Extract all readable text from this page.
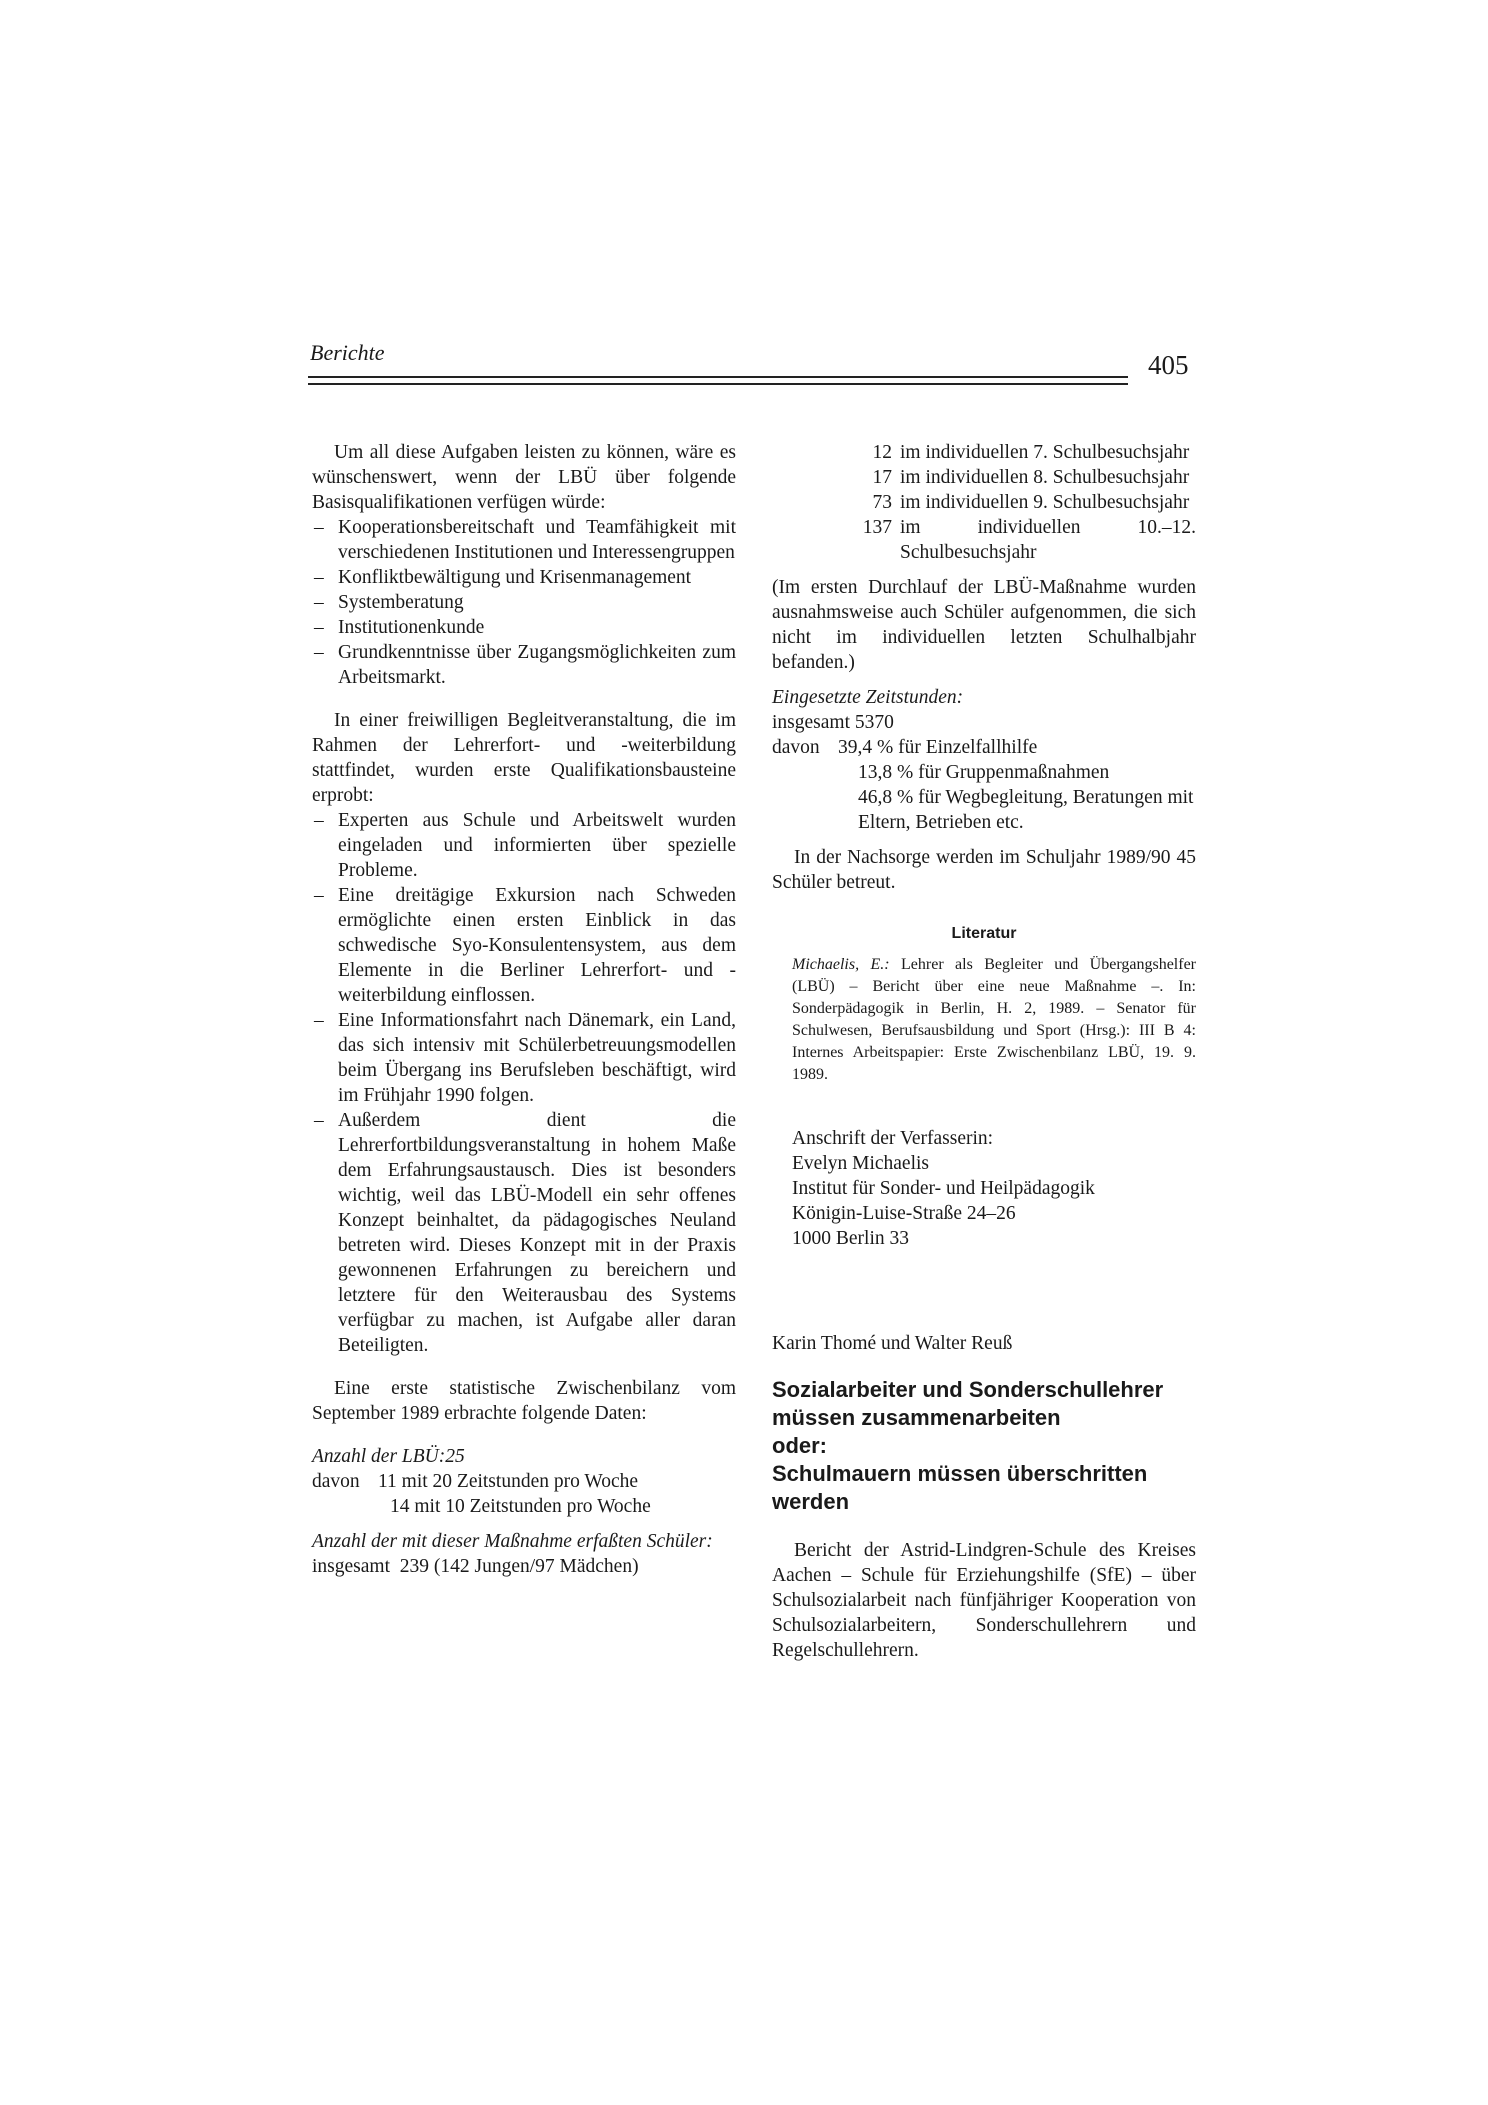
Berichte	405

Um all diese Aufgaben leisten zu können, wäre es wünschenswert, wenn der LBÜ über folgende Basisqualifikationen verfügen würde:

– Kooperationsbereitschaft und Teamfähigkeit mit verschiedenen Institutionen und Interessengruppen
– Konfliktbewältigung und Krisenmanagement
– Systemberatung
– Institutionenkunde
– Grundkenntnisse über Zugangsmöglichkeiten zum Arbeitsmarkt.

In einer freiwilligen Begleitveranstaltung, die im Rahmen der Lehrerfort- und -weiterbildung stattfindet, wurden erste Qualifikationsbausteine erprobt:

– Experten aus Schule und Arbeitswelt wurden eingeladen und informierten über spezielle Probleme.
– Eine dreitägige Exkursion nach Schweden ermöglichte einen ersten Einblick in das schwedische Syo-Konsulentensystem, aus dem Elemente in die Berliner Lehrerfort- und -weiterbildung einflossen.
– Eine Informationsfahrt nach Dänemark, ein Land, das sich intensiv mit Schülerbetreuungsmodellen beim Übergang ins Berufsleben beschäftigt, wird im Frühjahr 1990 folgen.
– Außerdem dient die Lehrerfortbildungsveranstaltung in hohem Maße dem Erfahrungsaustausch. Dies ist besonders wichtig, weil das LBÜ-Modell ein sehr offenes Konzept beinhaltet, da pädagogisches Neuland betreten wird. Dieses Konzept mit in der Praxis gewonnenen Erfahrungen zu bereichern und letztere für den Weiterausbau des Systems verfügbar zu machen, ist Aufgabe aller daran Beteiligten.

Eine erste statistische Zwischenbilanz vom September 1989 erbrachte folgende Daten:

Anzahl der LBÜ:25

davon 11 mit 20 Zeitstunden pro Woche
14 mit 10 Zeitstunden pro Woche

Anzahl der mit dieser Maßnahme erfaßten Schüler:

insgesamt  239 (142 Jungen/97 Mädchen)

12 im individuellen 7. Schulbesuchsjahr
17 im individuellen 8. Schulbesuchsjahr
73 im individuellen 9. Schulbesuchsjahr
137 im individuellen 10.–12. Schulbesuchsjahr

(Im ersten Durchlauf der LBÜ-Maßnahme wurden ausnahmsweise auch Schüler aufgenommen, die sich nicht im individuellen letzten Schulhalbjahr befanden.)

Eingesetzte Zeitstunden:

insgesamt 5370

davon 39,4 % für Einzelfallhilfe
13,8 % für Gruppenmaßnahmen
46,8 % für Wegbegleitung, Beratungen mit Eltern, Betrieben etc.

In der Nachsorge werden im Schuljahr 1989/90 45 Schüler betreut.

Literatur
Michaelis, E.: Lehrer als Begleiter und Übergangshelfer (LBÜ) – Bericht über eine neue Maßnahme –. In: Sonderpädagogik in Berlin, H. 2, 1989. – Senator für Schulwesen, Berufsausbildung und Sport (Hrsg.): III B 4: Internes Arbeitspapier: Erste Zwischenbilanz LBÜ, 19. 9. 1989.
Anschrift der Verfasserin:
Evelyn Michaelis
Institut für Sonder- und Heilpädagogik
Königin-Luise-Straße 24–26
1000 Berlin 33
Karin Thomé und Walter Reuß
Sozialarbeiter und Sonderschullehrer
müssen zusammenarbeiten
oder:
Schulmauern müssen überschritten
werden

Bericht der Astrid-Lindgren-Schule des Kreises Aachen – Schule für Erziehungshilfe (SfE) – über Schulsozialarbeit nach fünfjähriger Kooperation von Schulsozialarbeitern, Sonderschullehrern und Regelschullehrern.
